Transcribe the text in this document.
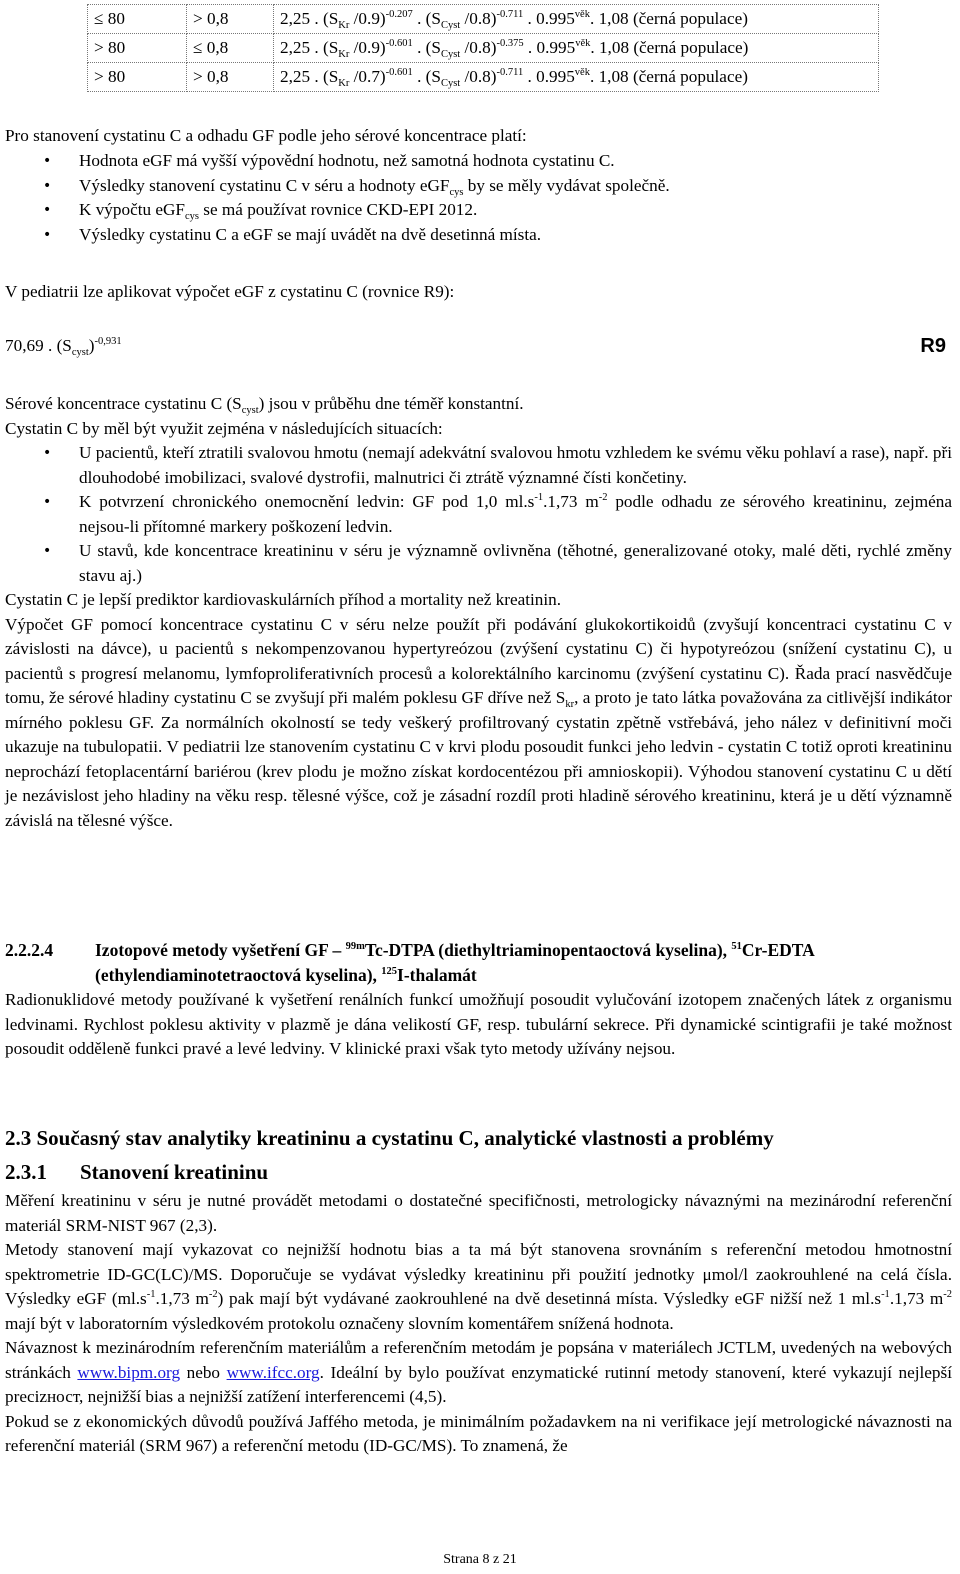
≤ 80	> 0,8	2,25 . ($S_{Kr}$ /0.9)$^{-0.207}$ . ($S_{Cyst}$ /0.8)$^{-0.711}$ . $0.995^{věk}$. 1,08 (černá populace)
> 80	≤ 0,8	2,25 . ($S_{Kr}$ /0.9)$^{-0.601}$ . ($S_{Cyst}$ /0.8)$^{-0.375}$ . $0.995^{věk}$. 1,08 (černá populace)
> 80	> 0,8	2,25 . ($S_{Kr}$ /0.7)$^{-0.601}$ . ($S_{Cyst}$ /0.8)$^{-0.711}$ . $0.995^{věk}$. 1,08 (černá populace)

Pro stanovení cystatinu C a odhadu GF podle jeho sérové koncentrace platí:

• Hodnota eGF má vyšší výpovědní hodnotu, než samotná hodnota cystatinu C.
• Výsledky stanovení cystatinu C v séru a hodnoty eGF$_{cys}$ by se měly vydávat společně.
• K výpočtu eGF$_{cys}$ se má používat rovnice CKD-EPI 2012.
• Výsledky cystatinu C a eGF se mají uvádět na dvě desetinná místa.

V pediatrii lze aplikovat výpočet eGF z cystatinu C (rovnice R9):

70,69 . $(S_{cyst})^{-0,931}$	R9

Sérové koncentrace cystatinu C $(S_{cyst})$ jsou v průběhu dne téměř konstantní.

Cystatin C by měl být využit zejména v následujících situacích:

• U pacientů, kteří ztratili svalovou hmotu (nemají adekvátní svalovou hmotu vzhledem ke svému věku pohlaví a rase), např. při dlouhodobé imobilizaci, svalové dystrofii, malnutrici či ztrátě významné čísti končetiny.
• K potvrzení chronického onemocnění ledvin: GF pod 1,0 $ml.s^{-1}.1,73$ $m^{-2}$ podle odhadu ze sérového kreatininu, zejména nejsou-li přítomné markery poškození ledvin.
• U stavů, kde koncentrace kreatininu v séru je významně ovlivněna (těhotné, generalizované otoky, malé děti, rychlé změny stavu aj.)

Cystatin C je lepší prediktor kardiovaskulárních příhod a mortality než kreatinin.

Výpočet GF pomocí koncentrace cystatinu C v séru nelze použít při podávání glukokortikoidů (zvyšují koncentraci cystatinu C v závislosti na dávce), u pacientů s nekompenzovanou hypertyreózou (zvýšení cystatinu C) či hypotyreózou (snížení cystatinu C), u pacientů s progresí melanomu, lymfoproliferativních procesů a kolorektálního karcinomu (zvýšení cystatinu C). Řada prací nasvědčuje tomu, že sérové hladiny cystatinu C se zvyšují při malém poklesu GF dříve než $S_{kr}$, a proto je tato látka považována za citlivější indikátor mírného poklesu GF. Za normálních okolností se tedy veškerý profiltrovaný cystatin zpětně vstřebává, jeho nález v definitivní moči ukazuje na tubulopatii. V pediatrii lze stanovením cystatinu C v krvi plodu posoudit funkci jeho ledvin - cystatin C totiž oproti kreatininu neprochází fetoplacentární bariérou (krev plodu je možno získat kordocentézou při amnioskopii). Výhodou stanovení cystatinu C u dětí je nezávislost jeho hladiny na věku resp. tělesné výšce, což je zásadní rozdíl proti hladině sérového kreatininu, která je u dětí významně závislá na tělesné výšce.

2.2.2.4	Izotopové metody vyšetření GF – $^{99m}$Tc-DTPA (diethyltriaminopentaoctová kyselina), $^{51}$Cr-EDTA (ethylendiaminotetraoctová kyselina), $^{125}$I-thalamát

Radionuklidové metody používané k vyšetření renálních funkcí umožňují posoudit vylučování izotopem značených látek z organismu ledvinami. Rychlost poklesu aktivity v plazmě je dána velikostí GF, resp. tubulární sekrece. Při dynamické scintigrafii je také možnost posoudit odděleně funkci pravé a levé ledviny. V klinické praxi však tyto metody užívány nejsou.

2.3 Současný stav analytiky kreatininu a cystatinu C, analytické vlastnosti a problémy
2.3.1 Stanovení kreatininu

Měření kreatininu v séru je nutné provádět metodami o dostatečné specifičnosti, metrologicky návaznými na mezinárodní referenční materiál SRM-NIST 967 (2,3).

Metody stanovení mají vykazovat co nejnižší hodnotu bias a ta má být stanovena srovnáním s referenční metodou hmotnostní spektrometrie ID-GC(LC)/MS. Doporučuje se vydávat výsledky kreatininu při použití jednotky μmol/l zaokrouhlené na celá čísla. Výsledky eGF ($ml.s^{-1}.1,73$ $m^{-2}$) pak mají být vydávané zaokrouhlené na dvě desetinná místa. Výsledky eGF nižší než 1 $ml.s^{-1}.1,73$ $m^{-2}$ mají být v laboratorním výsledkovém protokolu označeny slovním komentářem snížená hodnota.

Návaznost k mezinárodním referenčním materiálům a referenčním metodám je popsána v materiálech JCTLM, uvedených na webových stránkách www.bipm.org nebo www.ifcc.org. Ideální by bylo používat enzymatické rutinní metody stanovení, které vykazují nejlepší precizност, nejnižší bias a nejnižší zatížení interferencemi (4,5).

Pokud se z ekonomických důvodů používá Jaffého metoda, je minimálním požadavkem na ni verifikace její metrologické návaznosti na referenční materiál (SRM 967) a referenční metodu (ID-GC/MS). To znamená, že

Strana 8 z 21
